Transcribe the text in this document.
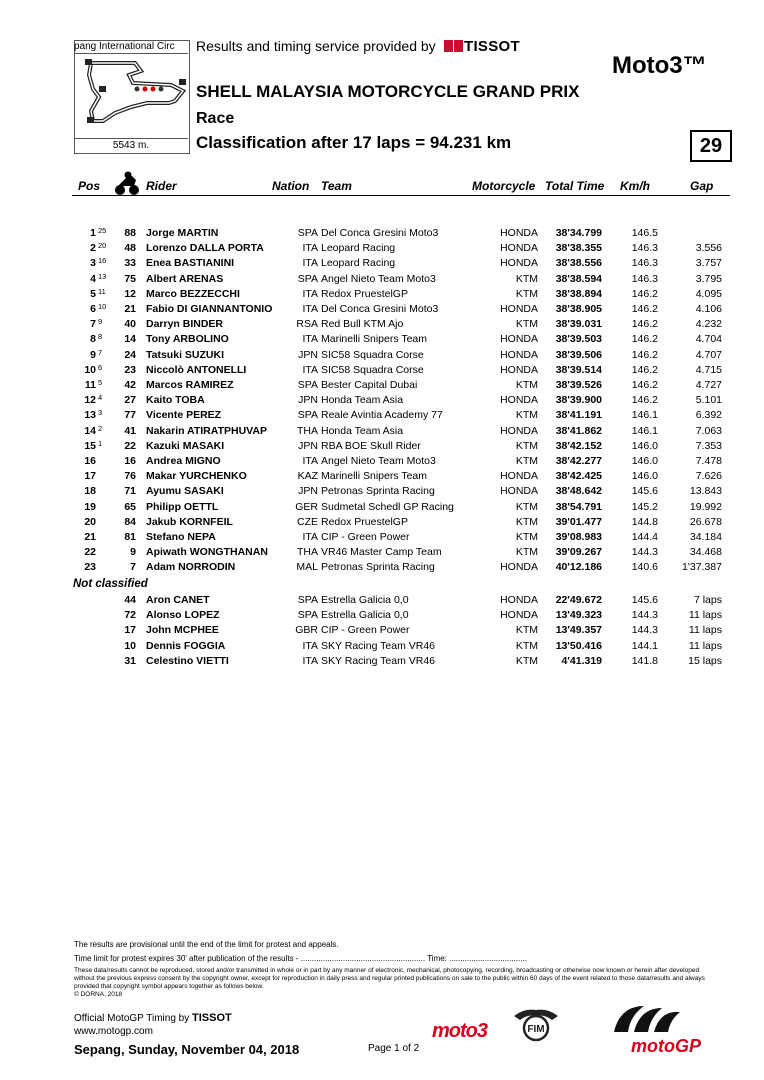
pang International Circ
5543 m.
Results and timing service provided by	TISSOT
Moto3™
SHELL MALAYSIA MOTORCYCLE GRAND PRIX
Race
Classification after 17 laps = 94.231 km	29
Pos	Rider	Nation Team	Motorcycle Total Time Km/h	Gap
1 25	88 Jorge MARTIN	SPA Del Conca Gresini Moto3	HONDA	38'34.799	146.5
2 20	48 Lorenzo DALLA PORTA	ITA Leopard Racing	HONDA	38'38.355	146.3	3.556
3 16	33 Enea BASTIANINI	ITA Leopard Racing	HONDA	38'38.556	146.3	3.757
4 13	75 Albert ARENAS	SPA Angel Nieto Team Moto3	KTM	38'38.594	146.3	3.795
5 11	12 Marco BEZZECCHI	ITA Redox PruestelGP	KTM	38'38.894	146.2	4.095
6 10	21 Fabio DI GIANNANTONIO	ITA Del Conca Gresini Moto3	HONDA	38'38.905	146.2	4.106
7 9	40 Darryn BINDER	RSA Red Bull KTM Ajo	KTM	38'39.031	146.2	4.232
8 8	14 Tony ARBOLINO	ITA Marinelli Snipers Team	HONDA	38'39.503	146.2	4.704
9 7	24 Tatsuki SUZUKI	JPN SIC58 Squadra Corse	HONDA	38'39.506	146.2	4.707
10 6	23 Niccolò ANTONELLI	ITA SIC58 Squadra Corse	HONDA	38'39.514	146.2	4.715
11 5	42 Marcos RAMIREZ	SPA Bester Capital Dubai	KTM	38'39.526	146.2	4.727
12 4	27 Kaito TOBA	JPN Honda Team Asia	HONDA	38'39.900	146.2	5.101
13 3	77 Vicente PEREZ	SPA Reale Avintia Academy 77	KTM	38'41.191	146.1	6.392
14 2	41 Nakarin ATIRATPHUVAP	THA Honda Team Asia	HONDA	38'41.862	146.1	7.063
15 1	22 Kazuki MASAKI	JPN RBA BOE Skull Rider	KTM	38'42.152	146.0	7.353
16	16 Andrea MIGNO	ITA Angel Nieto Team Moto3	KTM	38'42.277	146.0	7.478
17	76 Makar YURCHENKO	KAZ Marinelli Snipers Team	HONDA	38'42.425	146.0	7.626
18	71 Ayumu SASAKI	JPN Petronas Sprinta Racing	HONDA	38'48.642	145.6	13.843
19	65 Philipp OETTL	GER Sudmetal Schedl GP Racing	KTM	38'54.791	145.2	19.992
20	84 Jakub KORNFEIL	CZE Redox PruestelGP	KTM	39'01.477	144.8	26.678
21	81 Stefano NEPA	ITA CIP - Green Power	KTM	39'08.983	144.4	34.184
22	9 Apiwath WONGTHANAN	THA VR46 Master Camp Team	KTM	39'09.267	144.3	34.468
23	7 Adam NORRODIN	MAL Petronas Sprinta Racing	HONDA	40'12.186	140.6	1'37.387
Not classified
44 Aron CANET	SPA Estrella Galicia 0,0	HONDA	22'49.672	145.6	7 laps
72 Alonso LOPEZ	SPA Estrella Galicia 0,0	HONDA	13'49.323	144.3	11 laps
17 John MCPHEE	GBR CIP - Green Power	KTM	13'49.357	144.3	11 laps
10 Dennis FOGGIA	ITA SKY Racing Team VR46	KTM	13'50.416	144.1	11 laps
31 Celestino VIETTI	ITA SKY Racing Team VR46	KTM	4'41.319	141.8	15 laps
The results are provisional until the end of the limit for protest and appeals.
Time limit for protest expires 30' after publication of the results - ........................................................ Time: ...................................
These data/results cannot be reproduced, stored and/or transmitted in whole or in part by any manner of electronic, mechanical, photocopying, recording, broadcasting or otherwise now known or herein after developed without the previous express consent by the copyright owner, except for reproduction in daily press and regular printed publications on sale to the public within 60 days of the event related to those data/results and always provided that copyright symbol appears together as follows below.
© DORNA, 2018
Official MotoGP Timing by TISSOT
www.motogp.com
Sepang, Sunday, November 04, 2018	Page 1 of 2
moto3	FIM
motoGP
